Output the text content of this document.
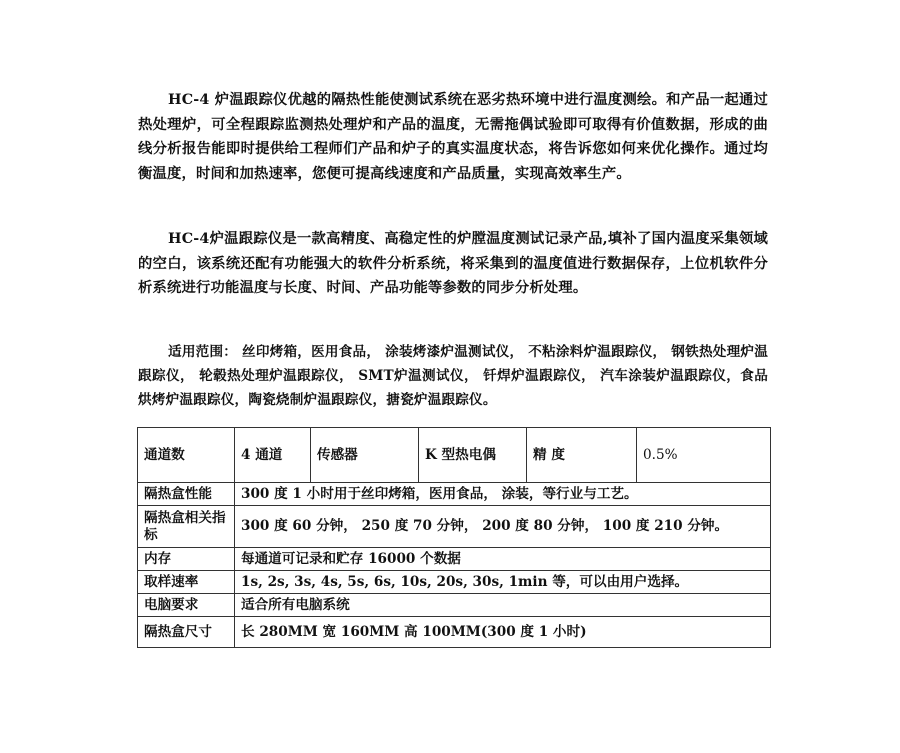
HC-4 炉温跟踪仪优越的隔热性能使测试系统在恶劣热环境中进行温度测绘。和产品一起通过热处理炉，可全程跟踪监测热处理炉和产品的温度，无需拖偶试验即可取得有价值数据，形成的曲线分析报告能即时提供给工程师们产品和炉子的真实温度状态，将告诉您如何来优化操作。通过均衡温度，时间和加热速率，您便可提高线速度和产品质量，实现高效率生产。

HC-4炉温跟踪仪是一款高精度、高稳定性的炉膛温度测试记录产品,填补了国内温度采集领域的空白，该系统还配有功能强大的软件分析系统，将采集到的温度值进行数据保存，上位机软件分析系统进行功能温度与长度、时间、产品功能等参数的同步分析处理。

适用范围： 丝印烤箱，医用食品， 涂装烤漆炉温测试仪， 不粘涂料炉温跟踪仪， 钢铁热处理炉温跟踪仪， 轮毂热处理炉温跟踪仪， SMT炉温测试仪， 钎焊炉温跟踪仪， 汽车涂装炉温跟踪仪，食品烘烤炉温跟踪仪，陶瓷烧制炉温跟踪仪，搪瓷炉温跟踪仪。

通道数	4 通道	传感器	K 型热电偶	精 度	0.5%
隔热盒性能	300 度 1 小时用于丝印烤箱，医用食品， 涂装，等行业与工艺。				
隔热盒相关指标	300 度 60 分钟， 250 度 70 分钟， 200 度 80 分钟， 100 度 210 分钟。				
内存	每通道可记录和贮存 16000 个数据				
取样速率	1s, 2s, 3s, 4s, 5s, 6s, 10s, 20s, 30s, 1min 等，可以由用户选择。				
电脑要求	适合所有电脑系统				
隔热盒尺寸	长 280MM 宽 160MM 高 100MM(300 度 1 小时)				
